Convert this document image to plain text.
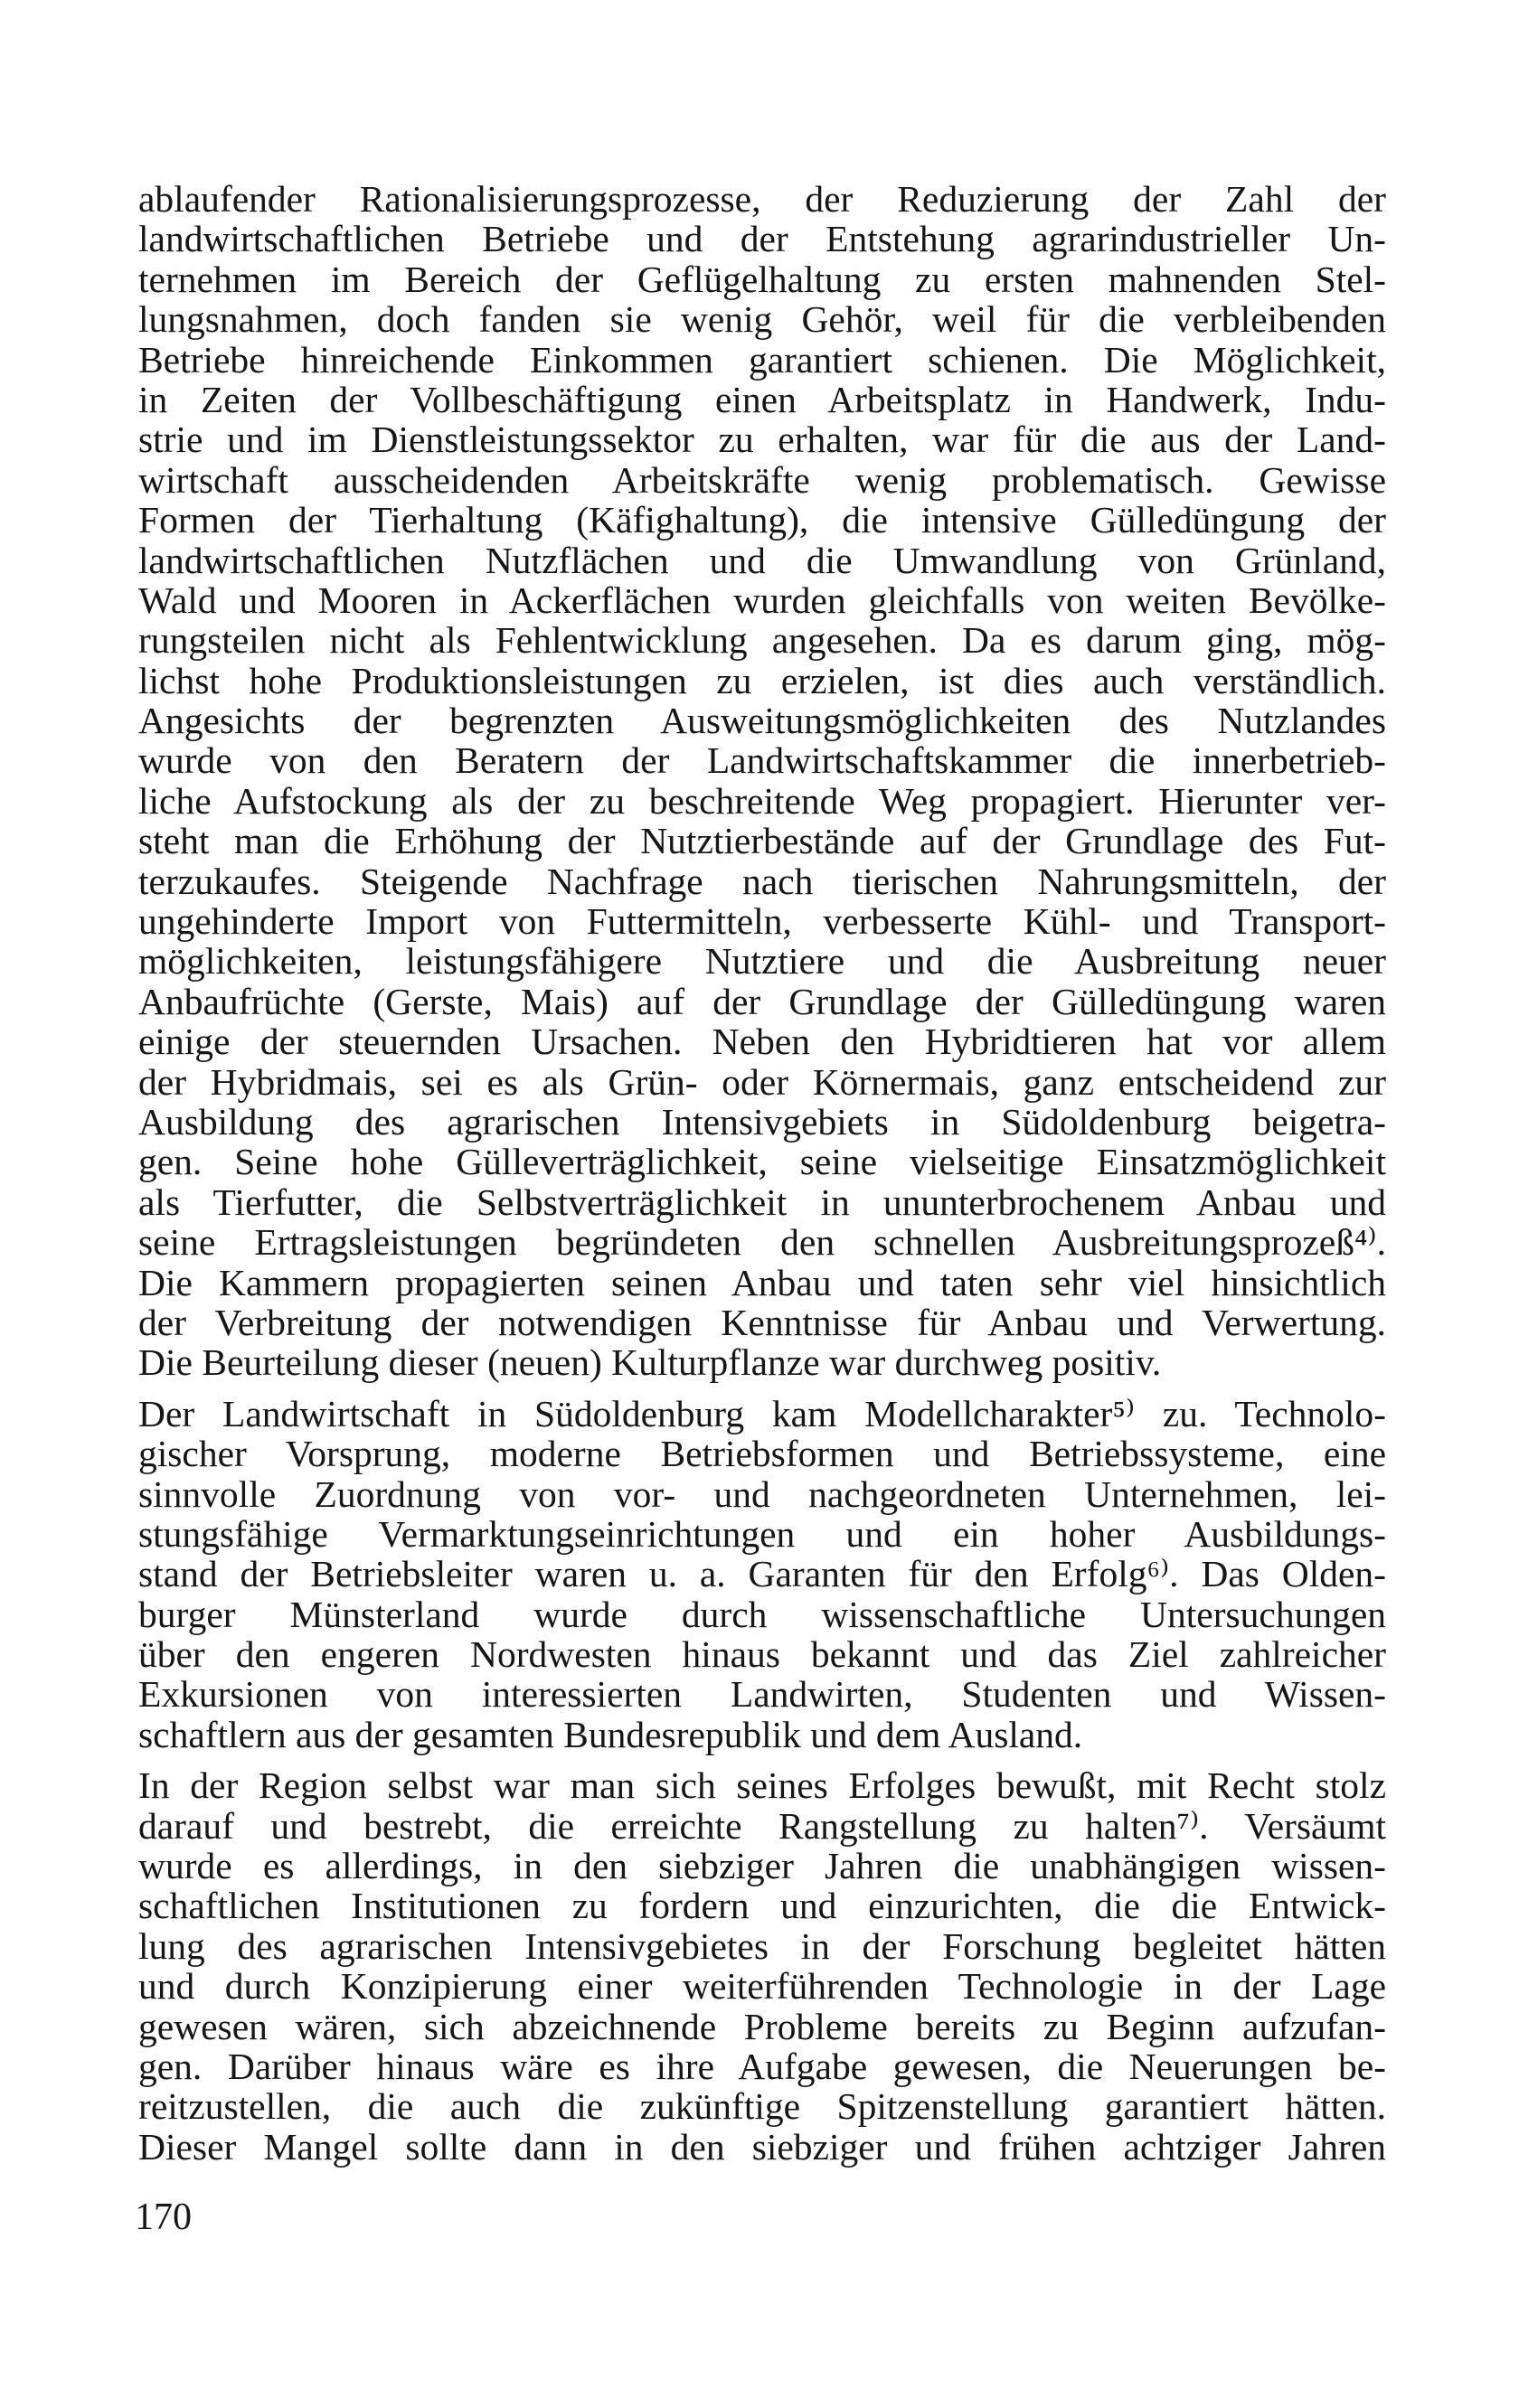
ablaufender Rationalisierungsprozesse, der Reduzierung der Zahl der
landwirtschaftlichen Betriebe und der Entstehung agrarindustrieller Un-
ternehmen im Bereich der Geflügelhaltung zu ersten mahnenden Stel-
lungsnahmen, doch fanden sie wenig Gehör, weil für die verbleibenden
Betriebe hinreichende Einkommen garantiert schienen. Die Möglichkeit,
in Zeiten der Vollbeschäftigung einen Arbeitsplatz in Handwerk, Indu-
strie und im Dienstleistungssektor zu erhalten, war für die aus der Land-
wirtschaft ausscheidenden Arbeitskräfte wenig problematisch. Gewisse
Formen der Tierhaltung (Käfighaltung), die intensive Gülledüngung der
landwirtschaftlichen Nutzflächen und die Umwandlung von Grünland,
Wald und Mooren in Ackerflächen wurden gleichfalls von weiten Bevölke-
rungsteilen nicht als Fehlentwicklung angesehen. Da es darum ging, mög-
lichst hohe Produktionsleistungen zu erzielen, ist dies auch verständlich.
Angesichts der begrenzten Ausweitungsmöglichkeiten des Nutzlandes
wurde von den Beratern der Landwirtschaftskammer die innerbetrieb-
liche Aufstockung als der zu beschreitende Weg propagiert. Hierunter ver-
steht man die Erhöhung der Nutztierbestände auf der Grundlage des Fut-
terzukaufes. Steigende Nachfrage nach tierischen Nahrungsmitteln, der
ungehinderte Import von Futtermitteln, verbesserte Kühl- und Transport-
möglichkeiten, leistungsfähigere Nutztiere und die Ausbreitung neuer
Anbaufrüchte (Gerste, Mais) auf der Grundlage der Gülledüngung waren
einige der steuernden Ursachen. Neben den Hybridtieren hat vor allem
der Hybridmais, sei es als Grün- oder Körnermais, ganz entscheidend zur
Ausbildung des agrarischen Intensivgebiets in Südoldenburg beigetra-
gen. Seine hohe Gülleverträglichkeit, seine vielseitige Einsatzmöglichkeit
als Tierfutter, die Selbstverträglichkeit in ununterbrochenem Anbau und
seine Ertragsleistungen begründeten den schnellen Ausbreitungsprozeß⁴⁾.
Die Kammern propagierten seinen Anbau und taten sehr viel hinsichtlich
der Verbreitung der notwendigen Kenntnisse für Anbau und Verwertung.
Die Beurteilung dieser (neuen) Kulturpflanze war durchweg positiv.

Der Landwirtschaft in Südoldenburg kam Modellcharakter⁵⁾ zu. Technolo-
gischer Vorsprung, moderne Betriebsformen und Betriebssysteme, eine
sinnvolle Zuordnung von vor- und nachgeordneten Unternehmen, lei-
stungsfähige Vermarktungseinrichtungen und ein hoher Ausbildungs-
stand der Betriebsleiter waren u. a. Garanten für den Erfolg⁶⁾. Das Olden-
burger Münsterland wurde durch wissenschaftliche Untersuchungen
über den engeren Nordwesten hinaus bekannt und das Ziel zahlreicher
Exkursionen von interessierten Landwirten, Studenten und Wissen-
schaftlern aus der gesamten Bundesrepublik und dem Ausland.

In der Region selbst war man sich seines Erfolges bewußt, mit Recht stolz
darauf und bestrebt, die erreichte Rangstellung zu halten⁷⁾. Versäumt
wurde es allerdings, in den siebziger Jahren die unabhängigen wissen-
schaftlichen Institutionen zu fordern und einzurichten, die die Entwick-
lung des agrarischen Intensivgebietes in der Forschung begleitet hätten
und durch Konzipierung einer weiterführenden Technologie in der Lage
gewesen wären, sich abzeichnende Probleme bereits zu Beginn aufzufan-
gen. Darüber hinaus wäre es ihre Aufgabe gewesen, die Neuerungen be-
reitzustellen, die auch die zukünftige Spitzenstellung garantiert hätten.
Dieser Mangel sollte dann in den siebziger und frühen achtziger Jahren

170
